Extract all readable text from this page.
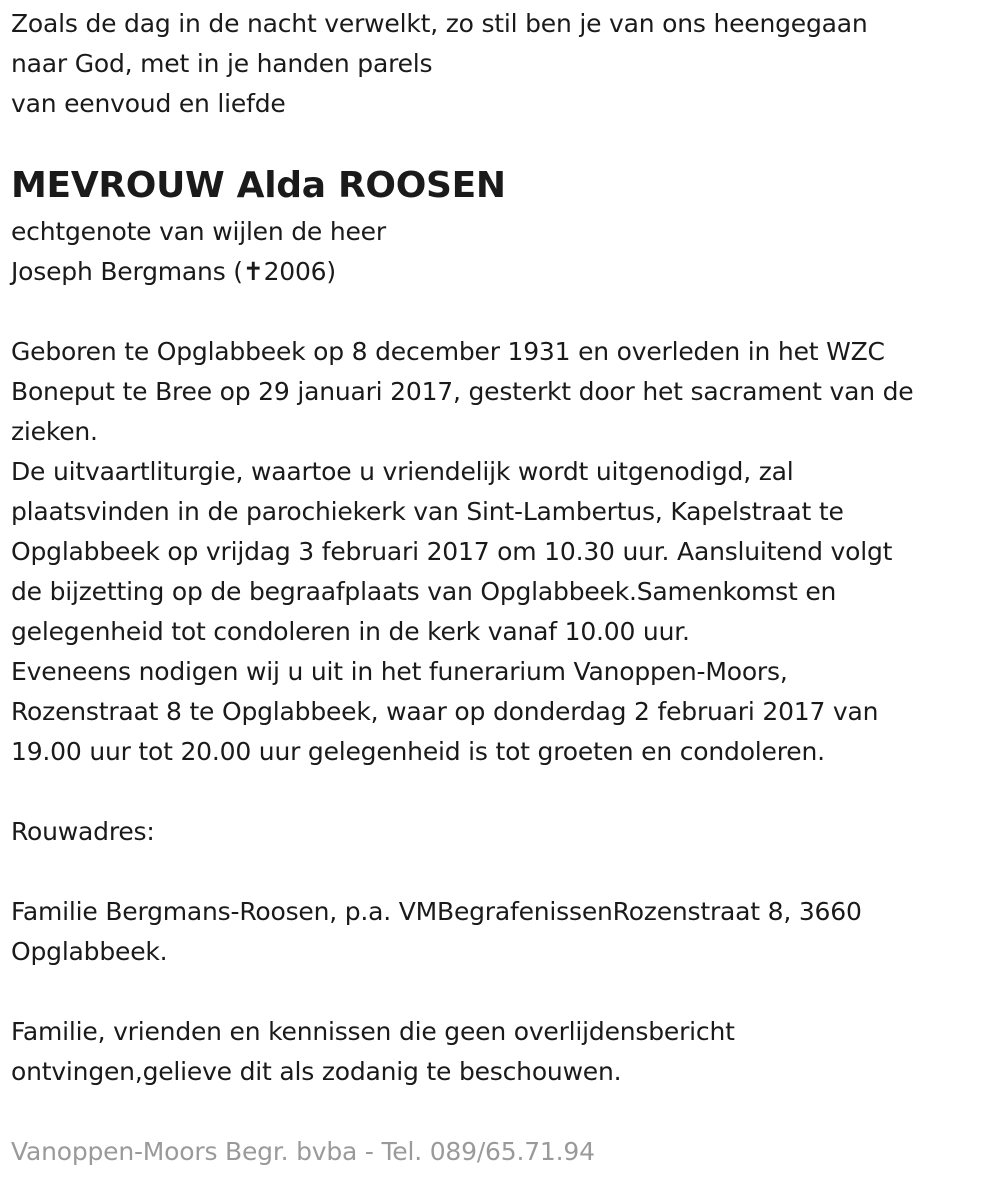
Zoals de dag in de nacht verwelkt, zo stil ben je van ons heengegaan
naar God, met in je handen parels
van eenvoud en liefde
MEVROUW Alda ROOSEN
echtgenote van wijlen de heer
Joseph Bergmans (✝2006)
Geboren te Opglabbeek op 8 december 1931 en overleden in het WZC
Boneput te Bree op 29 januari 2017, gesterkt door het sacrament van de
zieken.
De uitvaartliturgie, waartoe u vriendelijk wordt uitgenodigd, zal
plaatsvinden in de parochiekerk van Sint-Lambertus, Kapelstraat te
Opglabbeek op vrijdag 3 februari 2017 om 10.30 uur. Aansluitend volgt
de bijzetting op de begraafplaats van Opglabbeek.Samenkomst en
gelegenheid tot condoleren in de kerk vanaf 10.00 uur.
Eveneens nodigen wij u uit in het funerarium Vanoppen-Moors,
Rozenstraat 8 te Opglabbeek, waar op donderdag 2 februari 2017 van
19.00 uur tot 20.00 uur gelegenheid is tot groeten en condoleren.
Rouwadres:
Familie Bergmans-Roosen, p.a. VMBegrafenissenRozenstraat 8, 3660
Opglabbeek.
Familie, vrienden en kennissen die geen overlijdensbericht
ontvingen,gelieve dit als zodanig te beschouwen.
Vanoppen-Moors Begr. bvba - Tel. 089/65.71.94
